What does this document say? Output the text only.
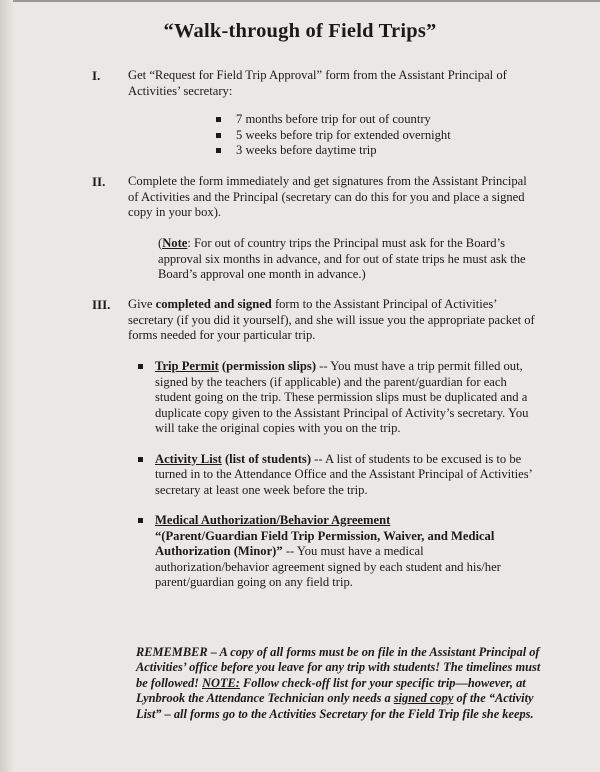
“Walk-through of Field Trips”
I. Get “Request for Field Trip Approval” form from the Assistant Principal of Activities’ secretary:
7 months before trip for out of country
5 weeks before trip for extended overnight
3 weeks before daytime trip
II. Complete the form immediately and get signatures from the Assistant Principal of Activities and the Principal (secretary can do this for you and place a signed copy in your box).
(Note: For out of country trips the Principal must ask for the Board’s approval six months in advance, and for out of state trips he must ask the Board’s approval one month in advance.)
III. Give completed and signed form to the Assistant Principal of Activities’ secretary (if you did it yourself), and she will issue you the appropriate packet of forms needed for your particular trip.
Trip Permit (permission slips) -- You must have a trip permit filled out, signed by the teachers (if applicable) and the parent/guardian for each student going on the trip. These permission slips must be duplicated and a duplicate copy given to the Assistant Principal of Activity’s secretary. You will take the original copies with you on the trip.
Activity List (list of students) -- A list of students to be excused is to be turned in to the Attendance Office and the Assistant Principal of Activities’ secretary at least one week before the trip.
Medical Authorization/Behavior Agreement
“(Parent/Guardian Field Trip Permission, Waiver, and Medical Authorization (Minor)” -- You must have a medical authorization/behavior agreement signed by each student and his/her parent/guardian going on any field trip.
REMEMBER – A copy of all forms must be on file in the Assistant Principal of Activities’ office before you leave for any trip with students! The timelines must be followed! NOTE: Follow check-off list for your specific trip—however, at Lynbrook the Attendance Technician only needs a signed copy of the “Activity List” – all forms go to the Activities Secretary for the Field Trip file she keeps.
